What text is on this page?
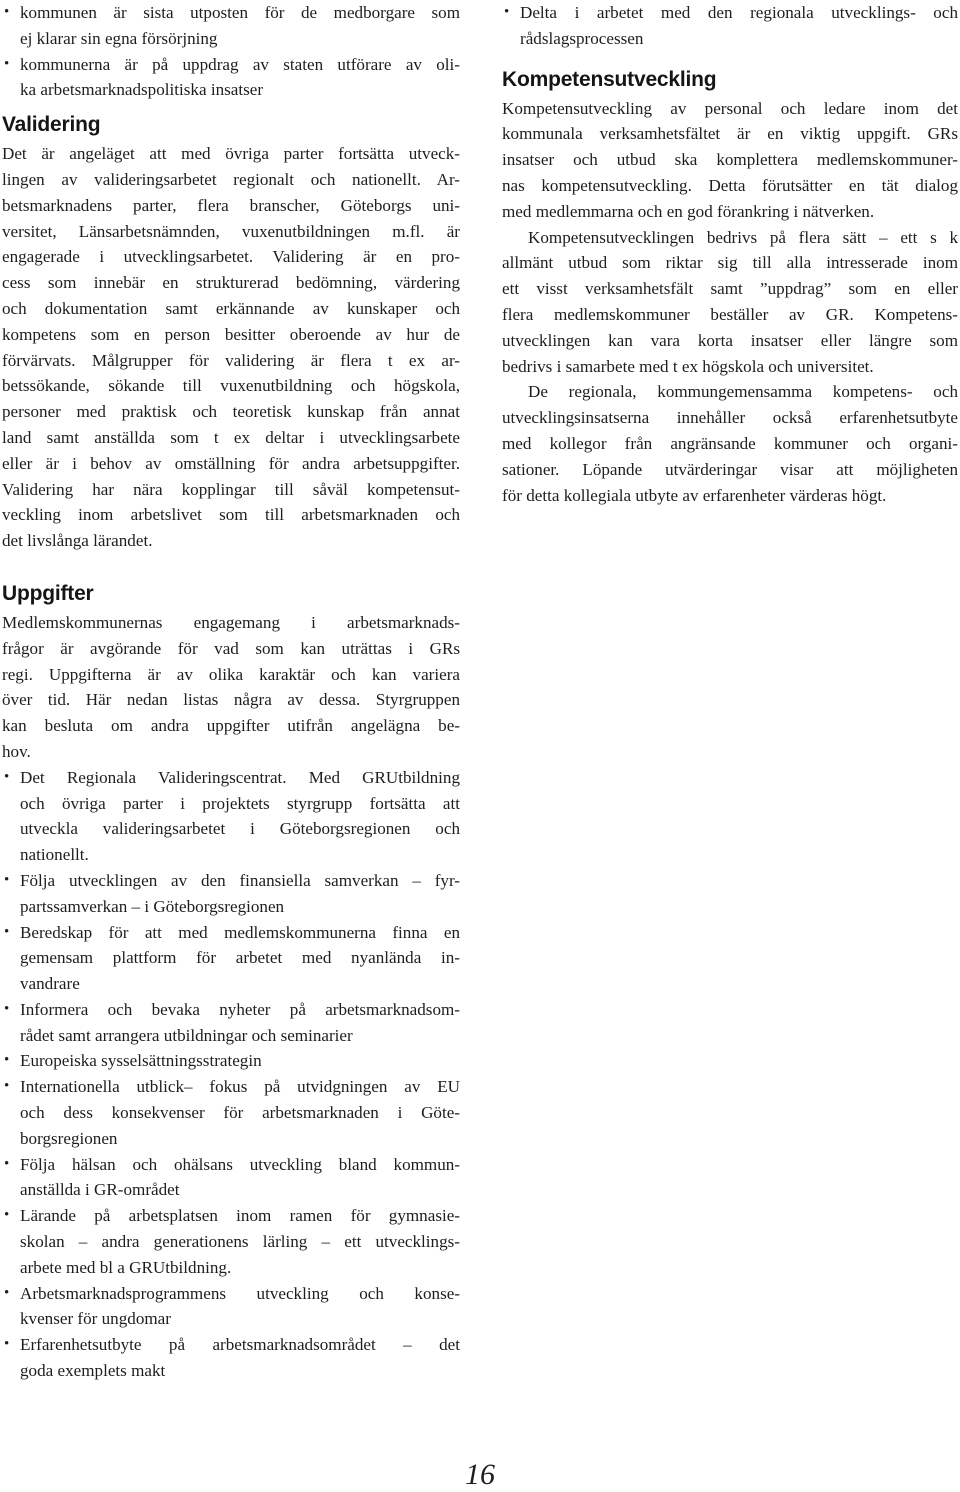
• kommunen är sista utposten för de medborgare som
ej klarar sin egna försörjning
• kommunerna är på uppdrag av staten utförare av oli-
ka arbetsmarknadspolitiska insatser
Validering
Det är angeläget att med övriga parter fortsätta utveck-
lingen av valideringsarbetet regionalt och nationellt. Ar-
betsmarknadens parter, flera branscher, Göteborgs uni-
versitet, Länsarbetsnämnden, vuxenutbildningen m.fl. är
engagerade i utvecklingsarbetet. Validering är en pro-
cess som innebär en strukturerad bedömning, värdering
och dokumentation samt erkännande av kunskaper och
kompetens som en person besitter oberoende av hur de
förvärvats. Målgrupper för validering är flera t ex ar-
betssökande, sökande till vuxenutbildning och högskola,
personer med praktisk och teoretisk kunskap från annat
land samt anställda som t ex deltar i utvecklingsarbete
eller är i behov av omställning för andra arbetsuppgifter.
Validering har nära kopplingar till såväl kompetensut-
veckling inom arbetslivet som till arbetsmarknaden och
det livslånga lärandet.
Uppgifter
Medlemskommunernas engagemang i arbetsmarknads-
frågor är avgörande för vad som kan uträttas i GRs
regi. Uppgifterna är av olika karaktär och kan variera
över tid. Här nedan listas några av dessa. Styrgruppen
kan besluta om andra uppgifter utifrån angelägna be-
hov.
• Det Regionala Valideringscentrat. Med GRUtbildning
och övriga parter i projektets styrgrupp fortsätta att
utveckla valideringsarbetet i Göteborgsregionen och
nationellt.
• Följa utvecklingen av den finansiella samverkan – fyr-
partssamverkan – i Göteborgsregionen
• Beredskap för att med medlemskommunerna finna en
gemensam plattform för arbetet med nyanlända in-
vandrare
• Informera och bevaka nyheter på arbetsmarknadsom-
rådet samt arrangera utbildningar och seminarier
• Europeiska sysselsättningsstrategin
• Internationella utblick– fokus på utvidgningen av EU
och dess konsekvenser för arbetsmarknaden i Göte-
borgsregionen
• Följa hälsan och ohälsans utveckling bland kommun-
anställda i GR-området
• Lärande på arbetsplatsen inom ramen för gymnasie-
skolan – andra generationens lärling – ett utvecklings-
arbete med bl a GRUtbildning.
• Arbetsmarknadsprogrammens utveckling och konse-
kvenser för ungdomar
• Erfarenhetsutbyte på arbetsmarknadsområdet – det
goda exemplets makt
• Delta i arbetet med den regionala utvecklings- och
rådslagsprocessen
Kompetensutveckling
Kompetensutveckling av personal och ledare inom det
kommunala verksamhetsfältet är en viktig uppgift. GRs
insatser och utbud ska komplettera medlemskommuner-
nas kompetensutveckling. Detta förutsätter en tät dialog
med medlemmarna och en god förankring i nätverken.
Kompetensutvecklingen bedrivs på flera sätt – ett s k
allmänt utbud som riktar sig till alla intresserade inom
ett visst verksamhetsfält samt ”uppdrag” som en eller
flera medlemskommuner beställer av GR. Kompetens-
utvecklingen kan vara korta insatser eller längre som
bedrivs i samarbete med t ex högskola och universitet.
De regionala, kommungemensamma kompetens- och
utvecklingsinsatserna innehåller också erfarenhetsutbyte
med kollegor från angränsande kommuner och organi-
sationer. Löpande utvärderingar visar att möjligheten
för detta kollegiala utbyte av erfarenheter värderas högt.
16
